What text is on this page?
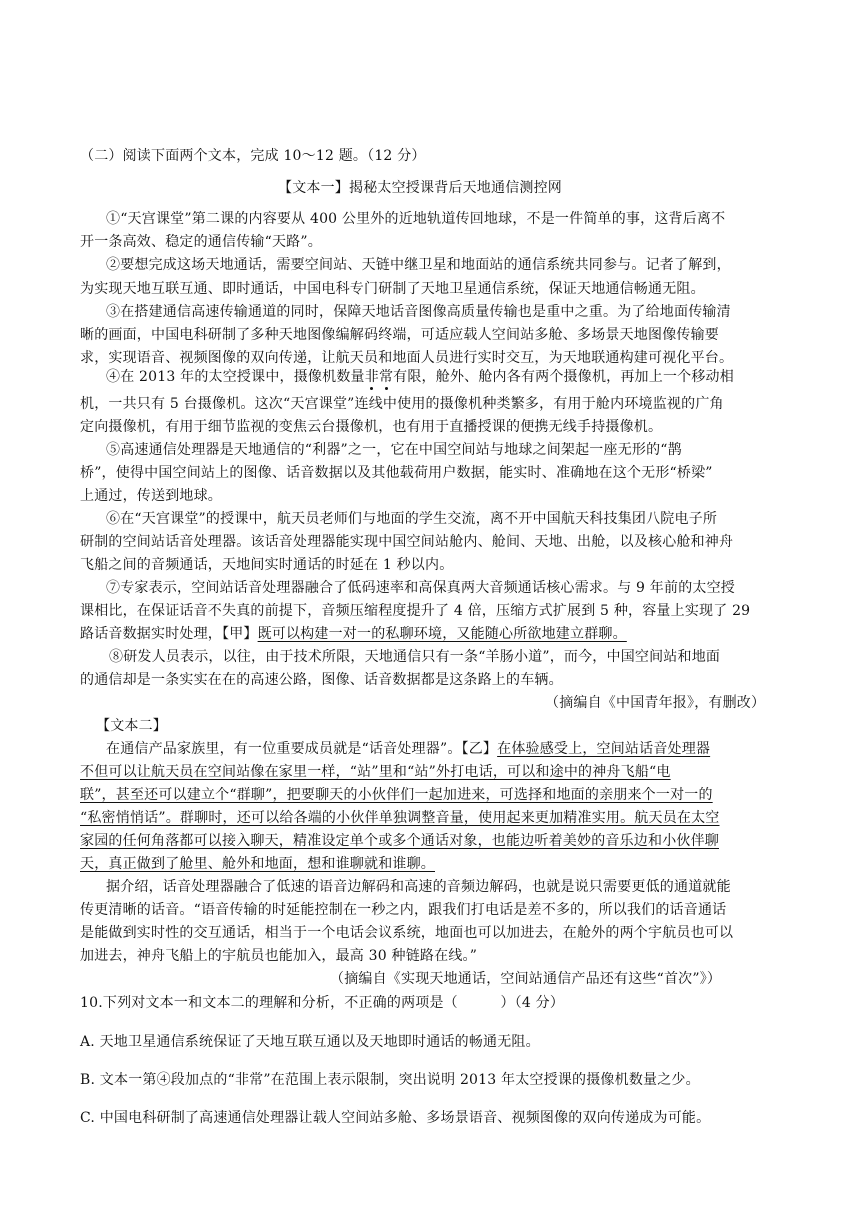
（二）阅读下面两个文本，完成 10～12 题。（12 分）
【文本一】揭秘太空授课背后天地通信测控网
①“天宫课堂”第二课的内容要从 400 公里外的近地轨道传回地球，不是一件简单的事，这背后离不
开一条高效、稳定的通信传输“天路”。
②要想完成这场天地通话，需要空间站、天链中继卫星和地面站的通信系统共同参与。记者了解到，
为实现天地互联互通、即时通话，中国电科专门研制了天地卫星通信系统，保证天地通信畅通无阻。
③在搭建通信高速传输通道的同时，保障天地话音图像高质量传输也是重中之重。为了给地面传输清
晰的画面，中国电科研制了多种天地图像编解码终端，可适应载人空间站多舱、多场景天地图像传输要
求，实现语音、视频图像的双向传递，让航天员和地面人员进行实时交互，为天地联通构建可视化平台。
④在 2013 年的太空授课中，摄像机数量非常有限，舱外、舱内各有两个摄像机，再加上一个移动相
机，一共只有 5 台摄像机。这次“天宫课堂”连线中使用的摄像机种类繁多，有用于舱内环境监视的广角
定向摄像机，有用于细节监视的变焦云台摄像机，也有用于直播授课的便携无线手持摄像机。
⑤高速通信处理器是天地通信的“利器”之一，它在中国空间站与地球之间架起一座无形的“鹊
桥”，使得中国空间站上的图像、话音数据以及其他载荷用户数据，能实时、准确地在这个无形“桥梁”
上通过，传送到地球。
⑥在“天宫课堂”的授课中，航天员老师们与地面的学生交流，离不开中国航天科技集团八院电子所
研制的空间站话音处理器。该话音处理器能实现中国空间站舱内、舱间、天地、出舱，以及核心舱和神舟
飞船之间的音频通话，天地间实时通话的时延在 1 秒以内。
⑦专家表示，空间站话音处理器融合了低码速率和高保真两大音频通话核心需求。与 9 年前的太空授
课相比，在保证话音不失真的前提下，音频压缩程度提升了 4 倍，压缩方式扩展到 5 种，容量上实现了 29
路话音数据实时处理，【甲】既可以构建一对一的私聊环境，又能随心所欲地建立群聊。
⑧研发人员表示，以往，由于技术所限，天地通信只有一条“羊肠小道”，而今，中国空间站和地面
的通信却是一条实实在在的高速公路，图像、话音数据都是这条路上的车辆。
（摘编自《中国青年报》，有删改）
【文本二】
在通信产品家族里，有一位重要成员就是“话音处理器”。【乙】在体验感受上，空间站话音处理器
不但可以让航天员在空间站像在家里一样，“站”里和“站”外打电话，可以和途中的神舟飞船“电
联”，甚至还可以建立个“群聊”，把要聊天的小伙伴们一起加进来，可选择和地面的亲朋来个一对一的
“私密悄悄话”。群聊时，还可以给各端的小伙伴单独调整音量，使用起来更加精准实用。航天员在太空
家园的任何角落都可以接入聊天，精准设定单个或多个通话对象，也能边听着美妙的音乐边和小伙伴聊
天，真正做到了舱里、舱外和地面，想和谁聊就和谁聊。
据介绍，话音处理器融合了低速的语音边解码和高速的音频边解码，也就是说只需要更低的通道就能
传更清晰的话音。“语音传输的时延能控制在一秒之内，跟我们打电话是差不多的，所以我们的话音通话
是能做到实时性的交互通话，相当于一个电话会议系统，地面也可以加进去，在舱外的两个宇航员也可以
加进去，神舟飞船上的宇航员也能加入，最高 30 种链路在线。”
（摘编自《实现天地通话，空间站通信产品还有这些“首次”》）
10.下列对文本一和文本二的理解和分析，不正确的两项是（　　　）（4 分）
A. 天地卫星通信系统保证了天地互联互通以及天地即时通话的畅通无阻。
B. 文本一第④段加点的“非常”在范围上表示限制，突出说明 2013 年太空授课的摄像机数量之少。
C. 中国电科研制了高速通信处理器让载人空间站多舱、多场景语音、视频图像的双向传递成为可能。
